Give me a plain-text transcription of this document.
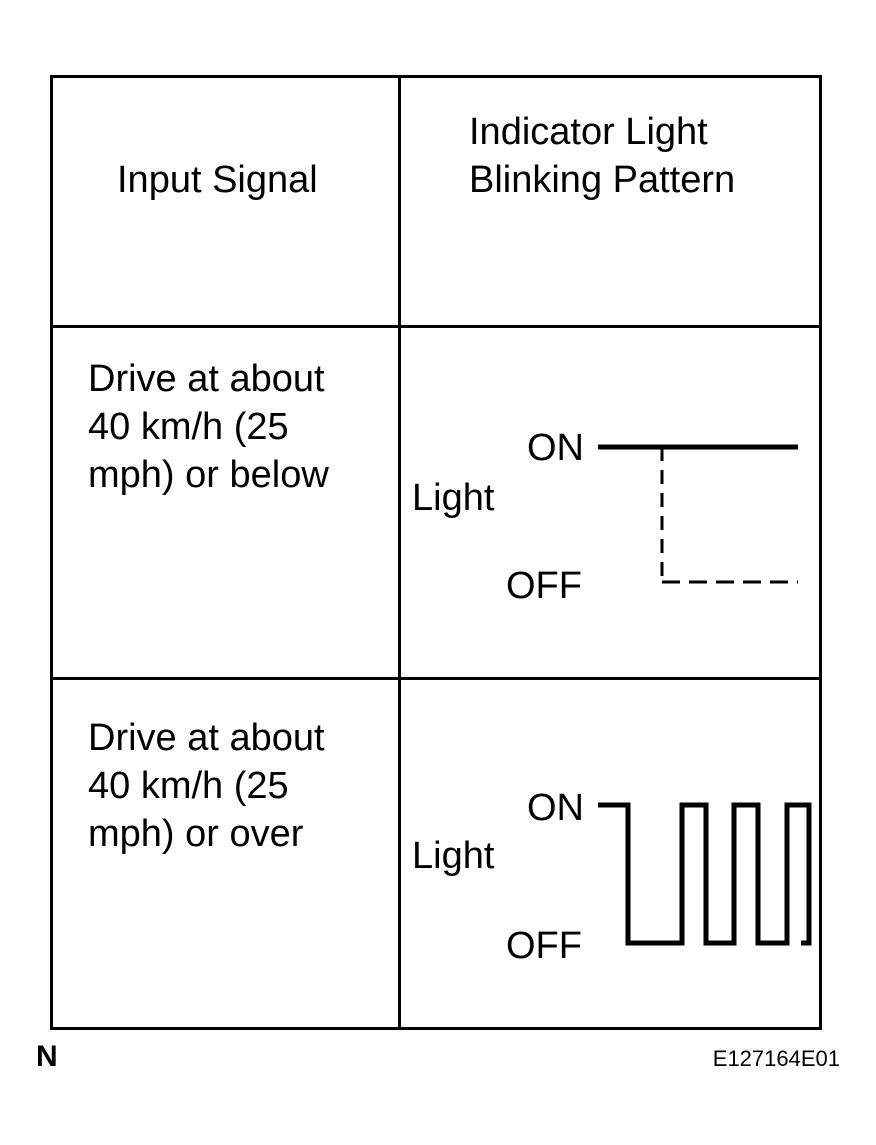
Input Signal
Indicator Light
Blinking Pattern
Drive at about
40 km/h (25
mph) or below
ON
Light
OFF
Drive at about
40 km/h (25
mph) or over
ON
Light
OFF
N	E127164E01
